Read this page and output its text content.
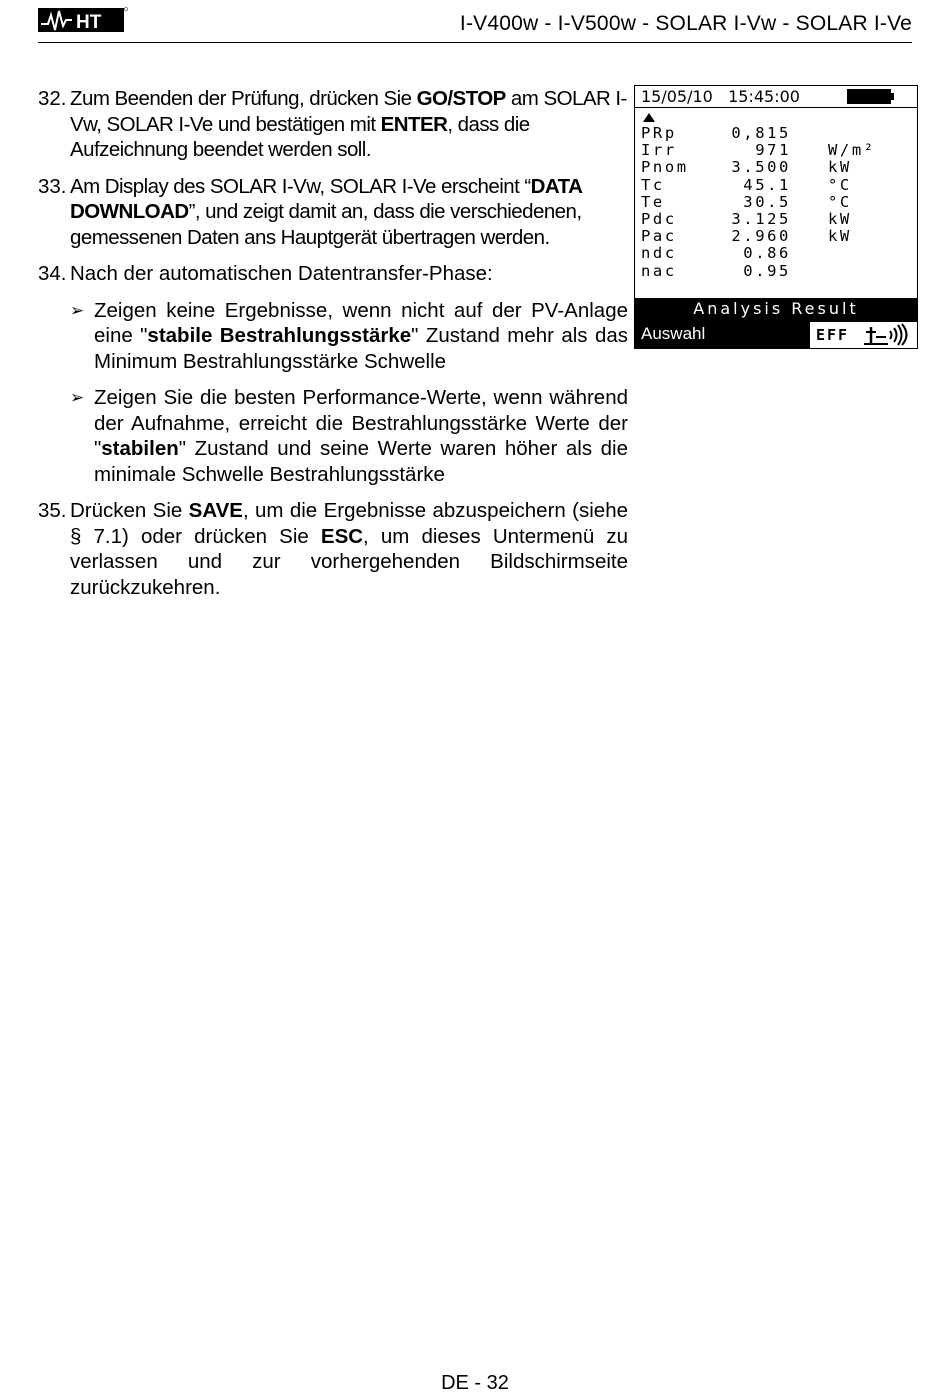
HT	I-V400w - I-V500w - SOLAR I-Vw - SOLAR I-Ve
32. Zum Beenden der Prüfung, drücken Sie GO/STOP am SOLAR I-Vw, SOLAR I-Ve und bestätigen mit ENTER, dass die Aufzeichnung beendet werden soll.

33. Am Display des SOLAR I-Vw, SOLAR I-Ve erscheint “DATA DOWNLOAD”, und zeigt damit an, dass die verschiedenen, gemessenen Daten ans Hauptgerät übertragen werden.

34. Nach der automatischen Datentransfer-Phase:

➢ Zeigen keine Ergebnisse, wenn nicht auf der PV-Anlage eine "stabile Bestrahlungsstärke" Zustand mehr als das Minimum Bestrahlungsstärke Schwelle

➢ Zeigen Sie die besten Performance-Werte, wenn während der Aufnahme, erreicht die Bestrahlungsstärke Werte der "stabilen" Zustand und seine Werte waren höher als die minimale Schwelle Bestrahlungsstärke

35. Drücken Sie SAVE, um die Ergebnisse abzuspeichern (siehe § 7.1) oder drücken Sie ESC, um dieses Untermenü zu verlassen und zur vorhergehenden Bildschirmseite zurückzukehren.

15/05/10 15:45:00
PRp	0,815
Irr	971 W/m²
Pnom	3.500 kW
Tc	45.1 °C
Te	30.5 °C
Pdc	3.125 kW
Pac	2.960 kW
ndc	0.86
nac	0.95
Analysis Result
Auswahl	EFF
DE - 32
